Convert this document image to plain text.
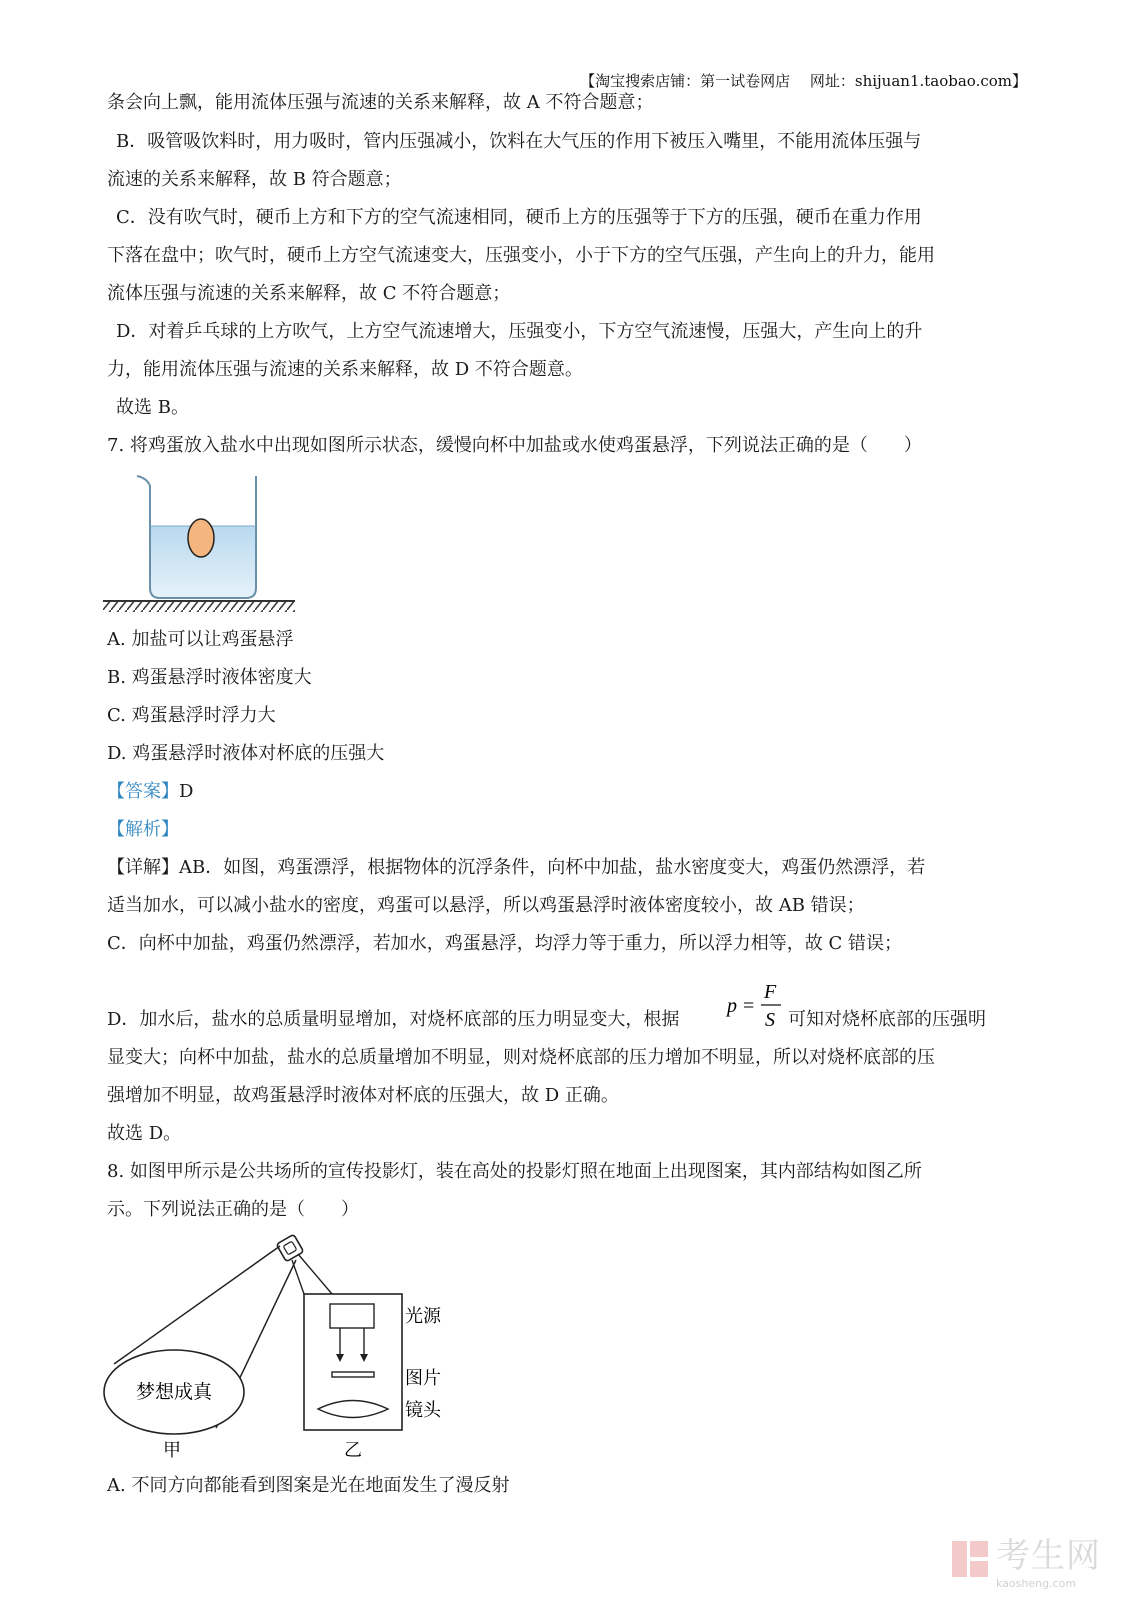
【淘宝搜索店铺：第一试卷网店　 网址：shijuan1.taobao.com】
条会向上飘，能用流体压强与流速的关系来解释，故 A 不符合题意；
B．吸管吸饮料时，用力吸时，管内压强减小，饮料在大气压的作用下被压入嘴里，不能用流体压强与
流速的关系来解释，故 B 符合题意；
C．没有吹气时，硬币上方和下方的空气流速相同，硬币上方的压强等于下方的压强，硬币在重力作用
下落在盘中；吹气时，硬币上方空气流速变大，压强变小，小于下方的空气压强，产生向上的升力，能用
流体压强与流速的关系来解释，故 C 不符合题意；
D．对着乒乓球的上方吹气，上方空气流速增大，压强变小，下方空气流速慢，压强大，产生向上的升
力，能用流体压强与流速的关系来解释，故 D 不符合题意。
故选 B。
7. 将鸡蛋放入盐水中出现如图所示状态，缓慢向杯中加盐或水使鸡蛋悬浮，下列说法正确的是（　　）
A. 加盐可以让鸡蛋悬浮
B. 鸡蛋悬浮时液体密度大
C. 鸡蛋悬浮时浮力大
D. 鸡蛋悬浮时液体对杯底的压强大
【答案】D
【解析】
【详解】AB．如图，鸡蛋漂浮，根据物体的沉浮条件，向杯中加盐，盐水密度变大，鸡蛋仍然漂浮，若
适当加水，可以减小盐水的密度，鸡蛋可以悬浮，所以鸡蛋悬浮时液体密度较小，故 AB 错误；
C．向杯中加盐，鸡蛋仍然漂浮，若加水，鸡蛋悬浮，均浮力等于重力，所以浮力相等，故 C 错误；
D．加水后，盐水的总质量明显增加，对烧杯底部的压力明显变大，根据
p =
F
S 可知对烧杯底部的压强明
显变大；向杯中加盐，盐水的总质量增加不明显，则对烧杯底部的压力增加不明显，所以对烧杯底部的压
强增加不明显，故鸡蛋悬浮时液体对杯底的压强大，故 D 正确。
故选 D。
8. 如图甲所示是公共场所的宣传投影灯，装在高处的投影灯照在地面上出现图案，其内部结构如图乙所
示。下列说法正确的是（　　）
梦想成真
甲
光源
图片
镜头
乙
A. 不同方向都能看到图案是光在地面发生了漫反射
考生网
kaosheng.com
